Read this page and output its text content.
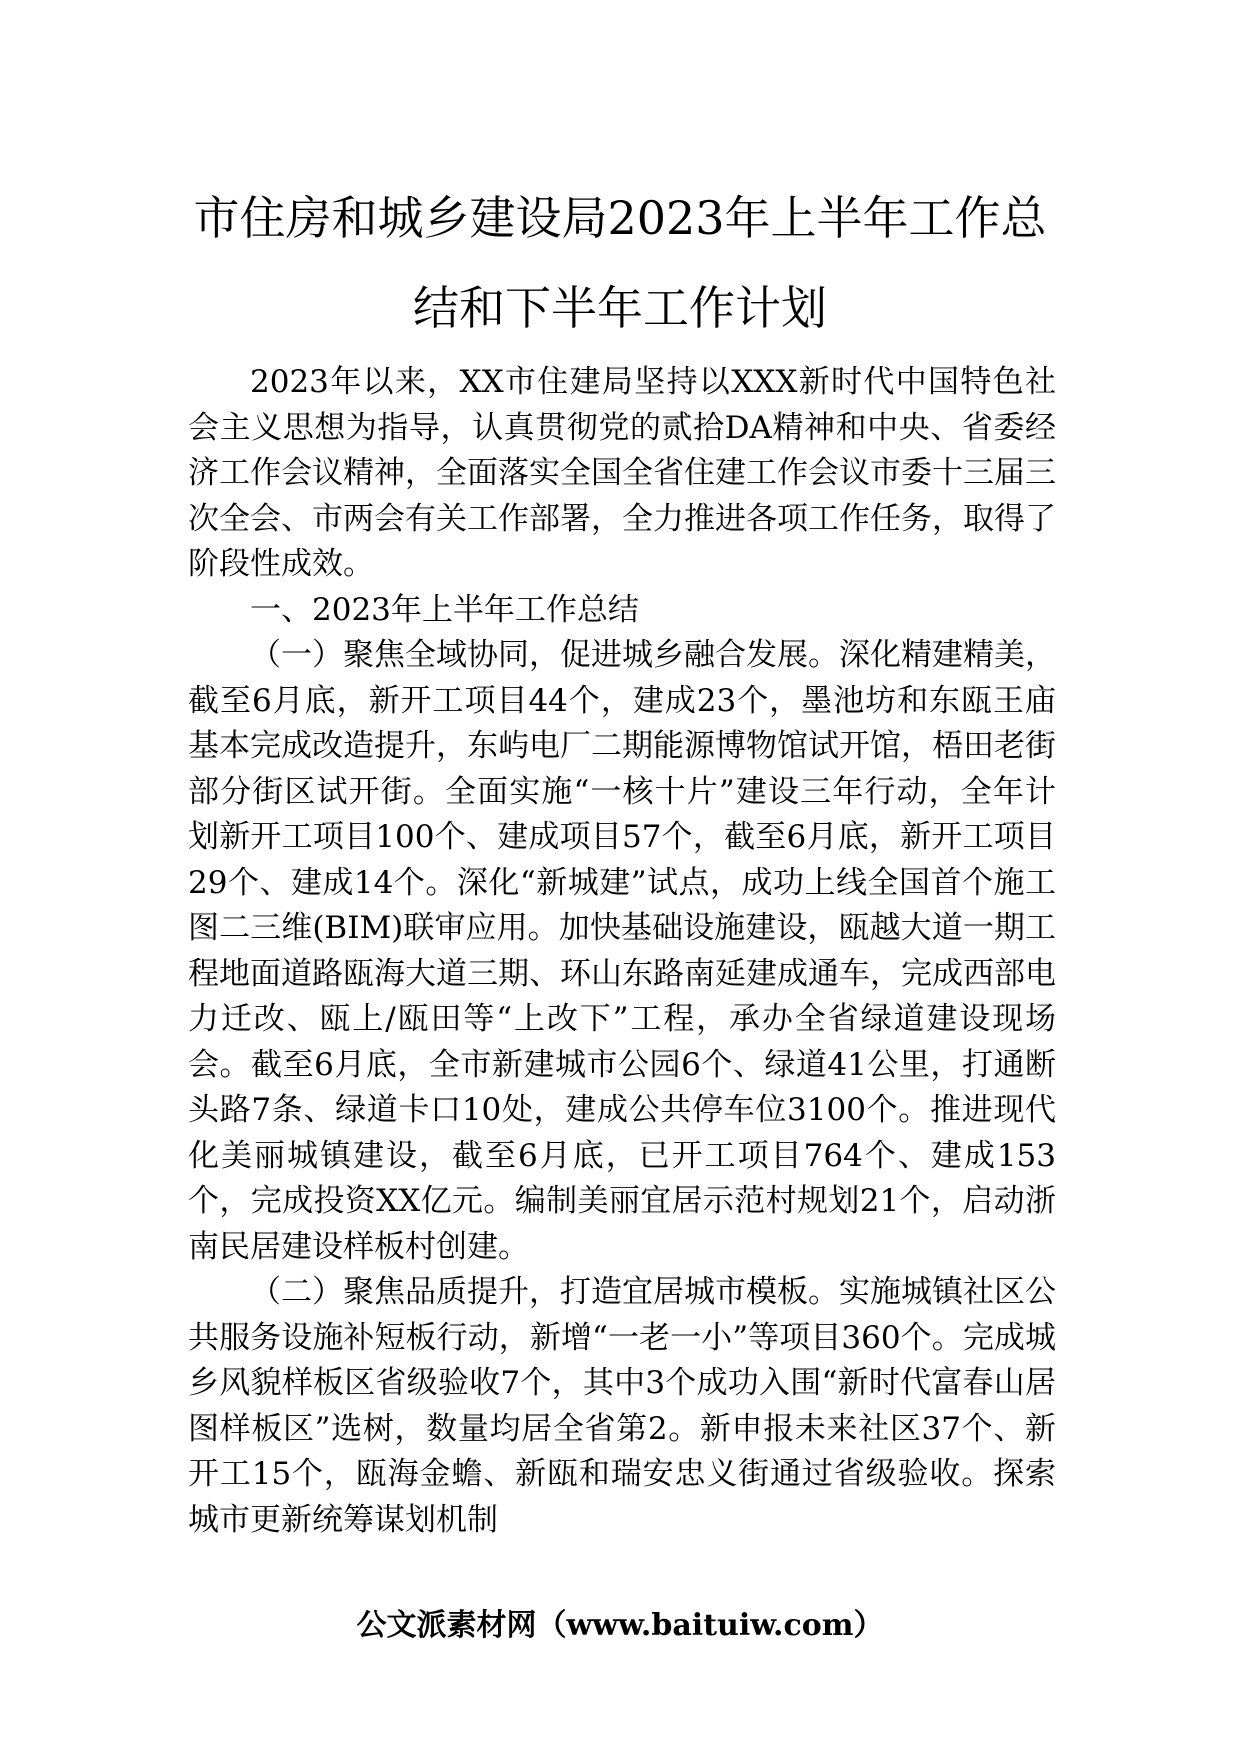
市住房和城乡建设局2023年上半年工作总
结和下半年工作计划

2023年以来，XX市住建局坚持以XXX新时代中国特色社会主义思想为指导，认真贯彻党的贰拾DA精神和中央、省委经济工作会议精神，全面落实全国全省住建工作会议市委十三届三次全会、市两会有关工作部署，全力推进各项工作任务，取得了阶段性成效。

一、2023年上半年工作总结

（一）聚焦全域协同，促进城乡融合发展。深化精建精美，截至6月底，新开工项目44个，建成23个，墨池坊和东瓯王庙基本完成改造提升，东屿电厂二期能源博物馆试开馆，梧田老街部分街区试开街。全面实施“一核十片”建设三年行动，全年计划新开工项目100个、建成项目57个，截至6月底，新开工项目29个、建成14个。深化“新城建”试点，成功上线全国首个施工图二三维(BIM)联审应用。加快基础设施建设，瓯越大道一期工程地面道路瓯海大道三期、环山东路南延建成通车，完成西部电力迁改、瓯上/瓯田等“上改下”工程，承办全省绿道建设现场会。截至6月底，全市新建城市公园6个、绿道41公里，打通断头路7条、绿道卡口10处，建成公共停车位3100个。推进现代化美丽城镇建设，截至6月底，已开工项目764个、建成153个，完成投资XX亿元。编制美丽宜居示范村规划21个，启动浙南民居建设样板村创建。

（二）聚焦品质提升，打造宜居城市模板。实施城镇社区公共服务设施补短板行动，新增“一老一小”等项目360个。完成城乡风貌样板区省级验收7个，其中3个成功入围“新时代富春山居图样板区”选树，数量均居全省第2。新申报未来社区37个、新开工15个，瓯海金蟾、新瓯和瑞安忠义街通过省级验收。探索城市更新统筹谋划机制

公文派素材网（www.baituiw.com）
